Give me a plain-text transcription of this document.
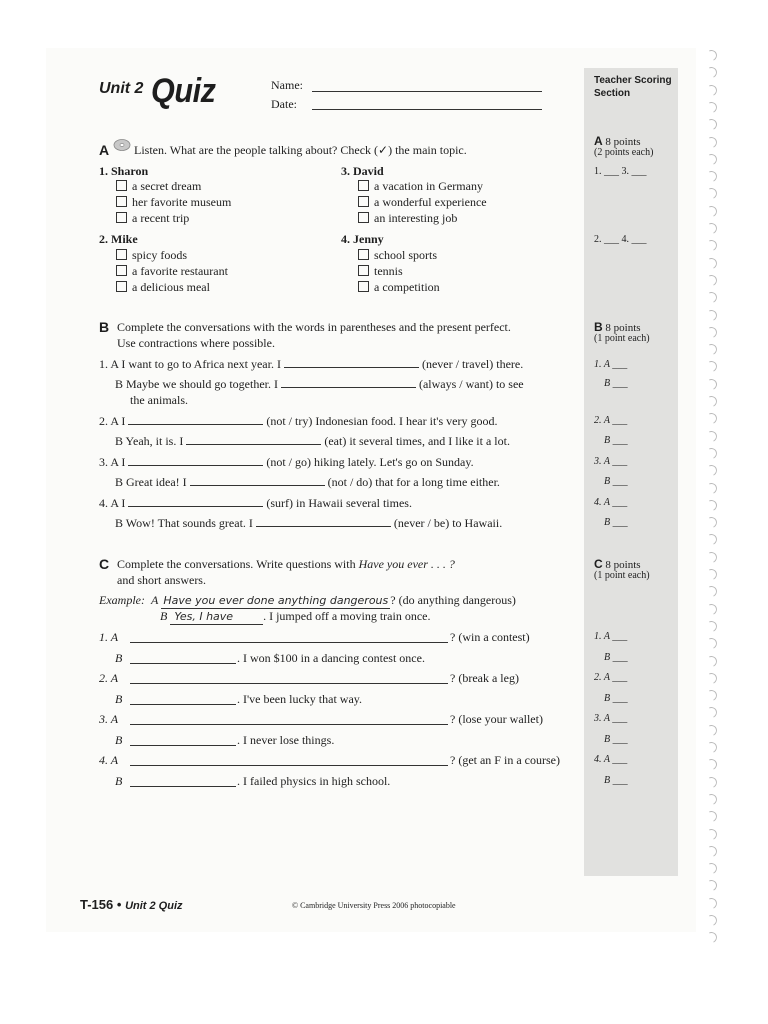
Unit 2 Quiz	Name:
Date:
Teacher Scoring
Section
A 8 points
(2 points each)
1. ___ 3. ___
2. ___ 4. ___
B 8 points
(1 point each)
1. A ___
B ___
2. A ___
B ___
3. A ___
B ___
4. A ___
B ___
C 8 points
(1 point each)
1. A ___
B ___
2. A ___
B ___
3. A ___
B ___
4. A ___
B ___
A Listen. What are the people talking about? Check (✓) the main topic.
1. Sharon
a secret dream
her favorite museum
a recent trip
2. Mike
spicy foods
a favorite restaurant
a delicious meal
3. David
a vacation in Germany
a wonderful experience
an interesting job
4. Jenny
school sports
tennis
a competition
B Complete the conversations with the words in parentheses and the present perfect.
Use contractions where possible.
1. A I want to go to Africa next year. I	(never / travel) there.
B Maybe we should go together. I	(always / want) to see
the animals.
2. A I	(not / try) Indonesian food. I hear it's very good.
B Yeah, it is. I	(eat) it several times, and I like it a lot.
3. A I	(not / go) hiking lately. Let's go on Sunday.
B Great idea! I	(not / do) that for a long time either.
4. A I	(surf) in Hawaii several times.
B Wow! That sounds great. I	(never / be) to Hawaii.
C Complete the conversations. Write questions with Have you ever . . . ?
and short answers.
Example: A Have you ever done anything dangerous ? (do anything dangerous)
B Yes, I have	. I jumped off a moving train once.
1. A	? (win a contest)
B	. I won $100 in a dancing contest once.
2. A	? (break a leg)
B	. I've been lucky that way.
3. A	? (lose your wallet)
B	. I never lose things.
4. A	? (get an F in a course)
B	. I failed physics in high school.
T-156 • Unit 2 Quiz	© Cambridge University Press 2006 photocopiable
